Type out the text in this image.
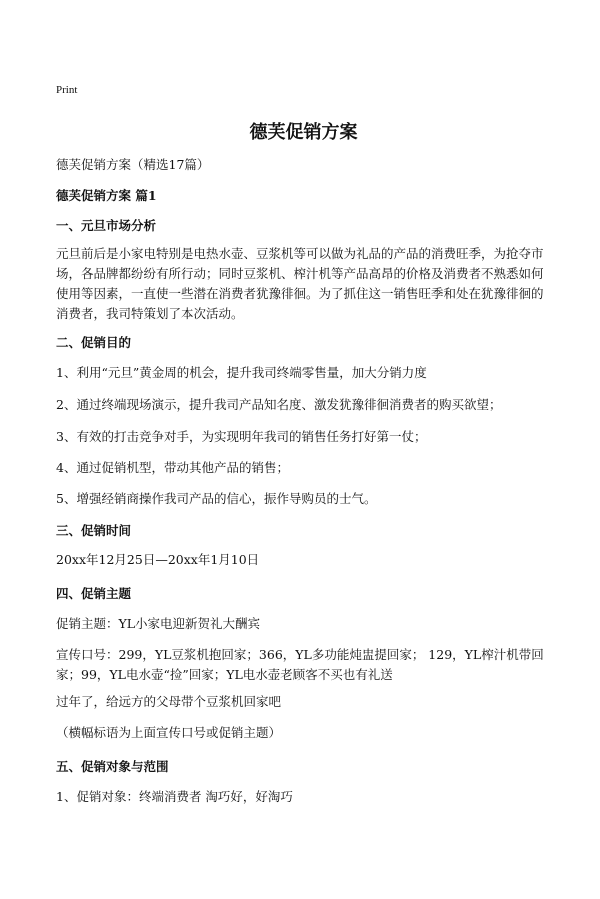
Print
德芙促销方案
德芙促销方案（精选17篇）
德芙促销方案 篇1
一、元旦市场分析

元旦前后是小家电特别是电热水壶、豆浆机等可以做为礼品的产品的消费旺季，为抢夺市场，各品牌都纷纷有所行动；同时豆浆机、榨汁机等产品高昂的价格及消费者不熟悉如何使用等因素，一直使一些潜在消费者犹豫徘徊。为了抓住这一销售旺季和处在犹豫徘徊的消费者，我司特策划了本次活动。

二、促销目的

1、利用“元旦”黄金周的机会，提升我司终端零售量，加大分销力度

2、通过终端现场演示，提升我司产品知名度、激发犹豫徘徊消费者的购买欲望；

3、有效的打击竞争对手，为实现明年我司的销售任务打好第一仗；

4、通过促销机型，带动其他产品的销售；

5、增强经销商操作我司产品的信心，振作导购员的士气。

三、促销时间

20xx年12月25日—20xx年1月10日

四、促销主题

促销主题：YL小家电迎新贺礼大酬宾

宣传口号：299，YL豆浆机抱回家；366，YL多功能炖盅提回家； 129，YL榨汁机带回家；99，YL电水壶“捡”回家；YL电水壶老顾客不买也有礼送

过年了，给远方的父母带个豆浆机回家吧

（横幅标语为上面宣传口号或促销主题）

五、促销对象与范围

1、促销对象：终端消费者 淘巧好，好淘巧
